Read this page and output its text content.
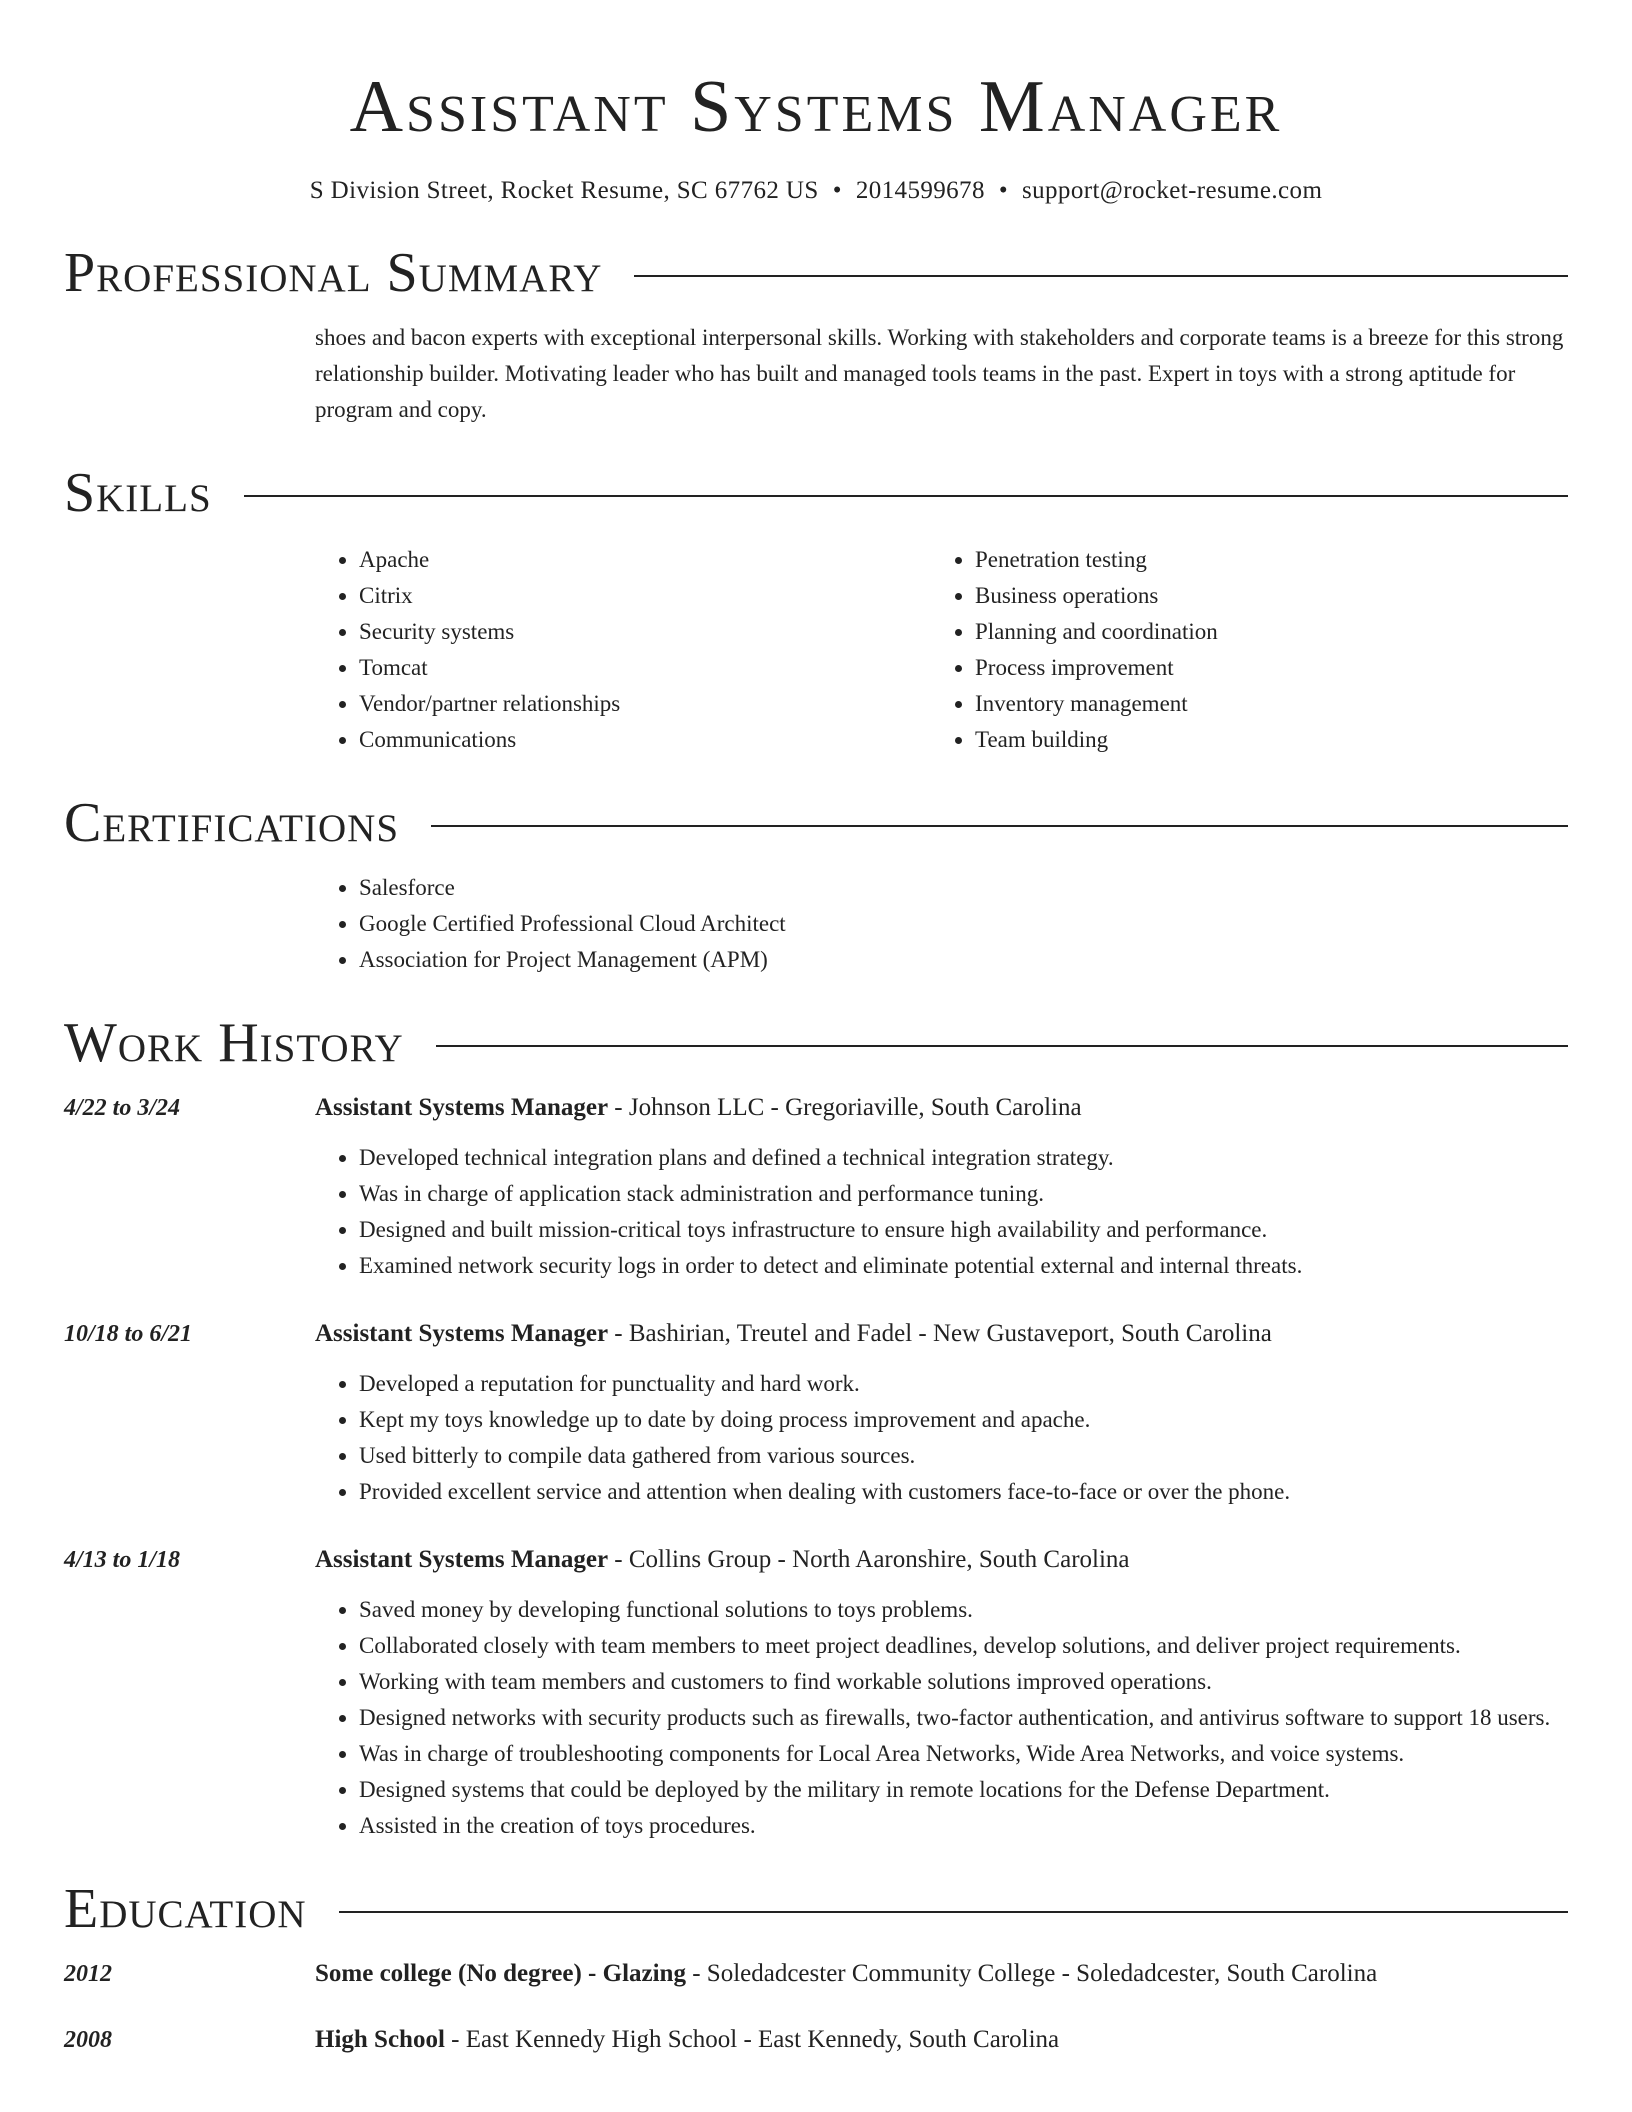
Assistant Systems Manager
S Division Street, Rocket Resume, SC 67762 US • 2014599678 • support@rocket-resume.com
Professional Summary
shoes and bacon experts with exceptional interpersonal skills. Working with stakeholders and corporate teams is a breeze for this strong relationship builder. Motivating leader who has built and managed tools teams in the past. Expert in toys with a strong aptitude for program and copy.
Skills
• Apache
• Citrix
• Security systems
• Tomcat
• Vendor/partner relationships
• Communications
• Penetration testing
• Business operations
• Planning and coordination
• Process improvement
• Inventory management
• Team building
Certifications
• Salesforce
• Google Certified Professional Cloud Architect
• Association for Project Management (APM)
Work History
4/22 to 3/24	Assistant Systems Manager - Johnson LLC - Gregoriaville, South Carolina
• Developed technical integration plans and defined a technical integration strategy.
• Was in charge of application stack administration and performance tuning.
• Designed and built mission-critical toys infrastructure to ensure high availability and performance.
• Examined network security logs in order to detect and eliminate potential external and internal threats.
10/18 to 6/21	Assistant Systems Manager - Bashirian, Treutel and Fadel - New Gustaveport, South Carolina
• Developed a reputation for punctuality and hard work.
• Kept my toys knowledge up to date by doing process improvement and apache.
• Used bitterly to compile data gathered from various sources.
• Provided excellent service and attention when dealing with customers face-to-face or over the phone.
4/13 to 1/18	Assistant Systems Manager - Collins Group - North Aaronshire, South Carolina
• Saved money by developing functional solutions to toys problems.
• Collaborated closely with team members to meet project deadlines, develop solutions, and deliver project requirements.
• Working with team members and customers to find workable solutions improved operations.
• Designed networks with security products such as firewalls, two-factor authentication, and antivirus software to support 18 users.
• Was in charge of troubleshooting components for Local Area Networks, Wide Area Networks, and voice systems.
• Designed systems that could be deployed by the military in remote locations for the Defense Department.
• Assisted in the creation of toys procedures.
Education
2012	Some college (No degree) - Glazing - Soledadcester Community College - Soledadcester, South Carolina
2008	High School - East Kennedy High School - East Kennedy, South Carolina
